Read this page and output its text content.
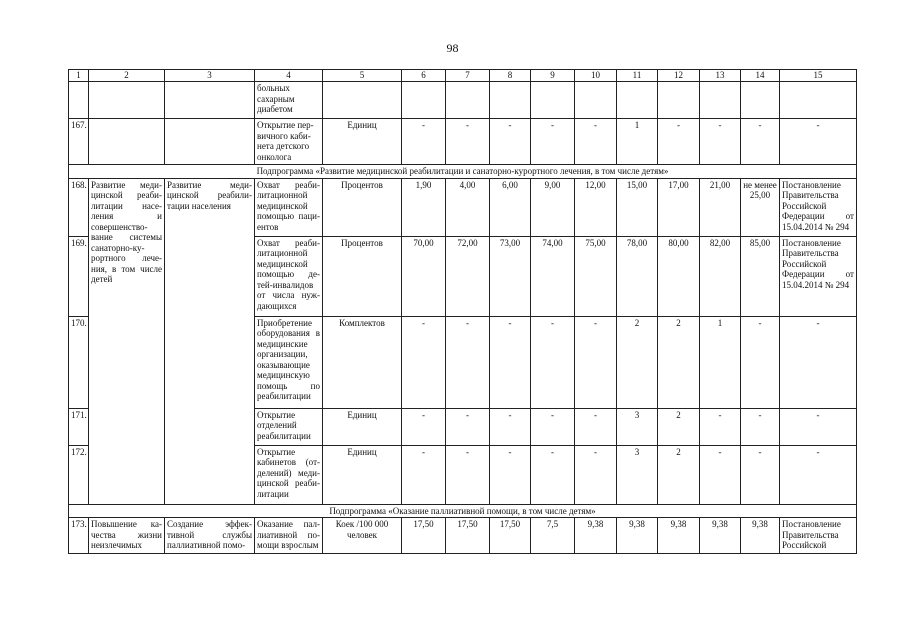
98
1	2	3	4	5	6	7	8	9	10	11	12	13	14	15
			больных сахарным диабетом											
167.			Открытие пер-вичного каби-нета детского онколога	Единиц	-	-	-	-	-	1	-	-	-	-
Подпрограмма «Развитие медицинской реабилитации и санаторно-курортного лечения, в том числе детям»														
168.	Развитие меди-цинской реаби-литации насе-ления и совершенство-вание системы санаторно-ку-рортного лече-ния, в том числе детей	Развитие меди-цинской реабили-тации населения	Охват реаби-литационной медицинской помощью паци-ентов	Процентов	1,90	4,00	6,00	9,00	12,00	15,00	17,00	21,00	не менее 25,00	Постановление Правительства Российской Федерации от 15.04.2014 № 294
169.			Охват реаби-литационной медицинской помощью де-тей-инвалидов от числа нуж-дающихся	Процентов	70,00	72,00	73,00	74,00	75,00	78,00	80,00	82,00	85,00	Постановление Правительства Российской Федерации от 15.04.2014 № 294
170.			Приобретение оборудования в медицинские организации, оказывающие медицинскую помощь по реабилитации	Комплектов	-	-	-	-	-	2	2	1	-	-
171.			Открытие отделений реабилитации	Единиц	-	-	-	-	-	3	2	-	-	-
172.			Открытие кабинетов (от-делений) меди-цинской реаби-литации	Единиц	-	-	-	-	-	3	2	-	-	-
Подпрограмма «Оказание паллиативной помощи, в том числе детям»														
173.	Повышение ка-чества жизни неизлечимых	Создание эффек-тивной службы паллиативной помо-	Оказание пал-лиативной по-мощи взрослым	Коек /100 000 человек	17,50	17,50	17,50	7,5	9,38	9,38	9,38	9,38	9,38	Постановление Правительства Российской
